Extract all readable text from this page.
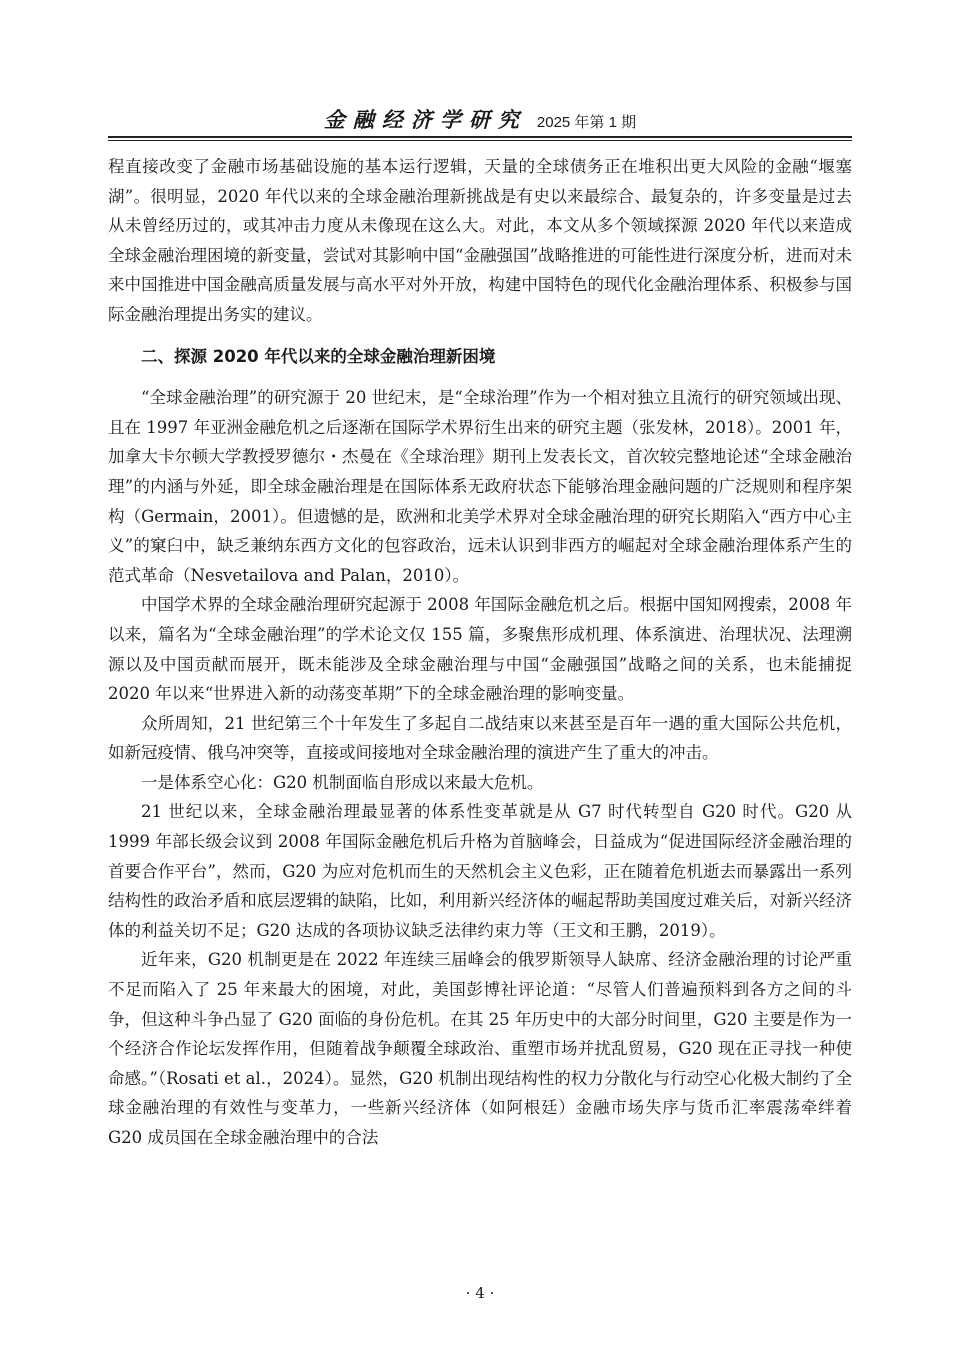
金融经济学研究 2025 年第 1 期

程直接改变了金融市场基础设施的基本运行逻辑，天量的全球债务正在堆积出更大风险的金融“堰塞湖”。很明显，2020 年代以来的全球金融治理新挑战是有史以来最综合、最复杂的，许多变量是过去从未曾经历过的，或其冲击力度从未像现在这么大。对此，本文从多个领域探源 2020 年代以来造成全球金融治理困境的新变量，尝试对其影响中国“金融强国”战略推进的可能性进行深度分析，进而对未来中国推进中国金融高质量发展与高水平对外开放，构建中国特色的现代化金融治理体系、积极参与国际金融治理提出务实的建议。

二、探源 2020 年代以来的全球金融治理新困境

“全球金融治理”的研究源于 20 世纪末，是“全球治理”作为一个相对独立且流行的研究领域出现、且在 1997 年亚洲金融危机之后逐渐在国际学术界衍生出来的研究主题（张发林，2018）。2001 年，加拿大卡尔顿大学教授罗德尔・杰曼在《全球治理》期刊上发表长文，首次较完整地论述“全球金融治理”的内涵与外延，即全球金融治理是在国际体系无政府状态下能够治理金融问题的广泛规则和程序架构（Germain，2001）。但遗憾的是，欧洲和北美学术界对全球金融治理的研究长期陷入“西方中心主义”的窠臼中，缺乏兼纳东西方文化的包容政治，远未认识到非西方的崛起对全球金融治理体系产生的范式革命（Nesvetailova and Palan，2010）。

中国学术界的全球金融治理研究起源于 2008 年国际金融危机之后。根据中国知网搜索，2008 年以来，篇名为“全球金融治理”的学术论文仅 155 篇，多聚焦形成机理、体系演进、治理状况、法理溯源以及中国贡献而展开，既未能涉及全球金融治理与中国“金融强国”战略之间的关系，也未能捕捉 2020 年以来“世界进入新的动荡变革期”下的全球金融治理的影响变量。

众所周知，21 世纪第三个十年发生了多起自二战结束以来甚至是百年一遇的重大国际公共危机，如新冠疫情、俄乌冲突等，直接或间接地对全球金融治理的演进产生了重大的冲击。

一是体系空心化：G20 机制面临自形成以来最大危机。

21 世纪以来，全球金融治理最显著的体系性变革就是从 G7 时代转型自 G20 时代。G20 从 1999 年部长级会议到 2008 年国际金融危机后升格为首脑峰会，日益成为“促进国际经济金融治理的首要合作平台”，然而，G20 为应对危机而生的天然机会主义色彩，正在随着危机逝去而暴露出一系列结构性的政治矛盾和底层逻辑的缺陷，比如，利用新兴经济体的崛起帮助美国度过难关后，对新兴经济体的利益关切不足；G20 达成的各项协议缺乏法律约束力等（王文和王鹏，2019）。

近年来，G20 机制更是在 2022 年连续三届峰会的俄罗斯领导人缺席、经济金融治理的讨论严重不足而陷入了 25 年来最大的困境，对此，美国彭博社评论道：“尽管人们普遍预料到各方之间的斗争，但这种斗争凸显了 G20 面临的身份危机。在其 25 年历史中的大部分时间里，G20 主要是作为一个经济合作论坛发挥作用，但随着战争颠覆全球政治、重塑市场并扰乱贸易，G20 现在正寻找一种使命感。”（Rosati et al.，2024）。显然，G20 机制出现结构性的权力分散化与行动空心化极大制约了全球金融治理的有效性与变革力，一些新兴经济体（如阿根廷）金融市场失序与货币汇率震荡牵绊着 G20 成员国在全球金融治理中的合法

· 4 ·
